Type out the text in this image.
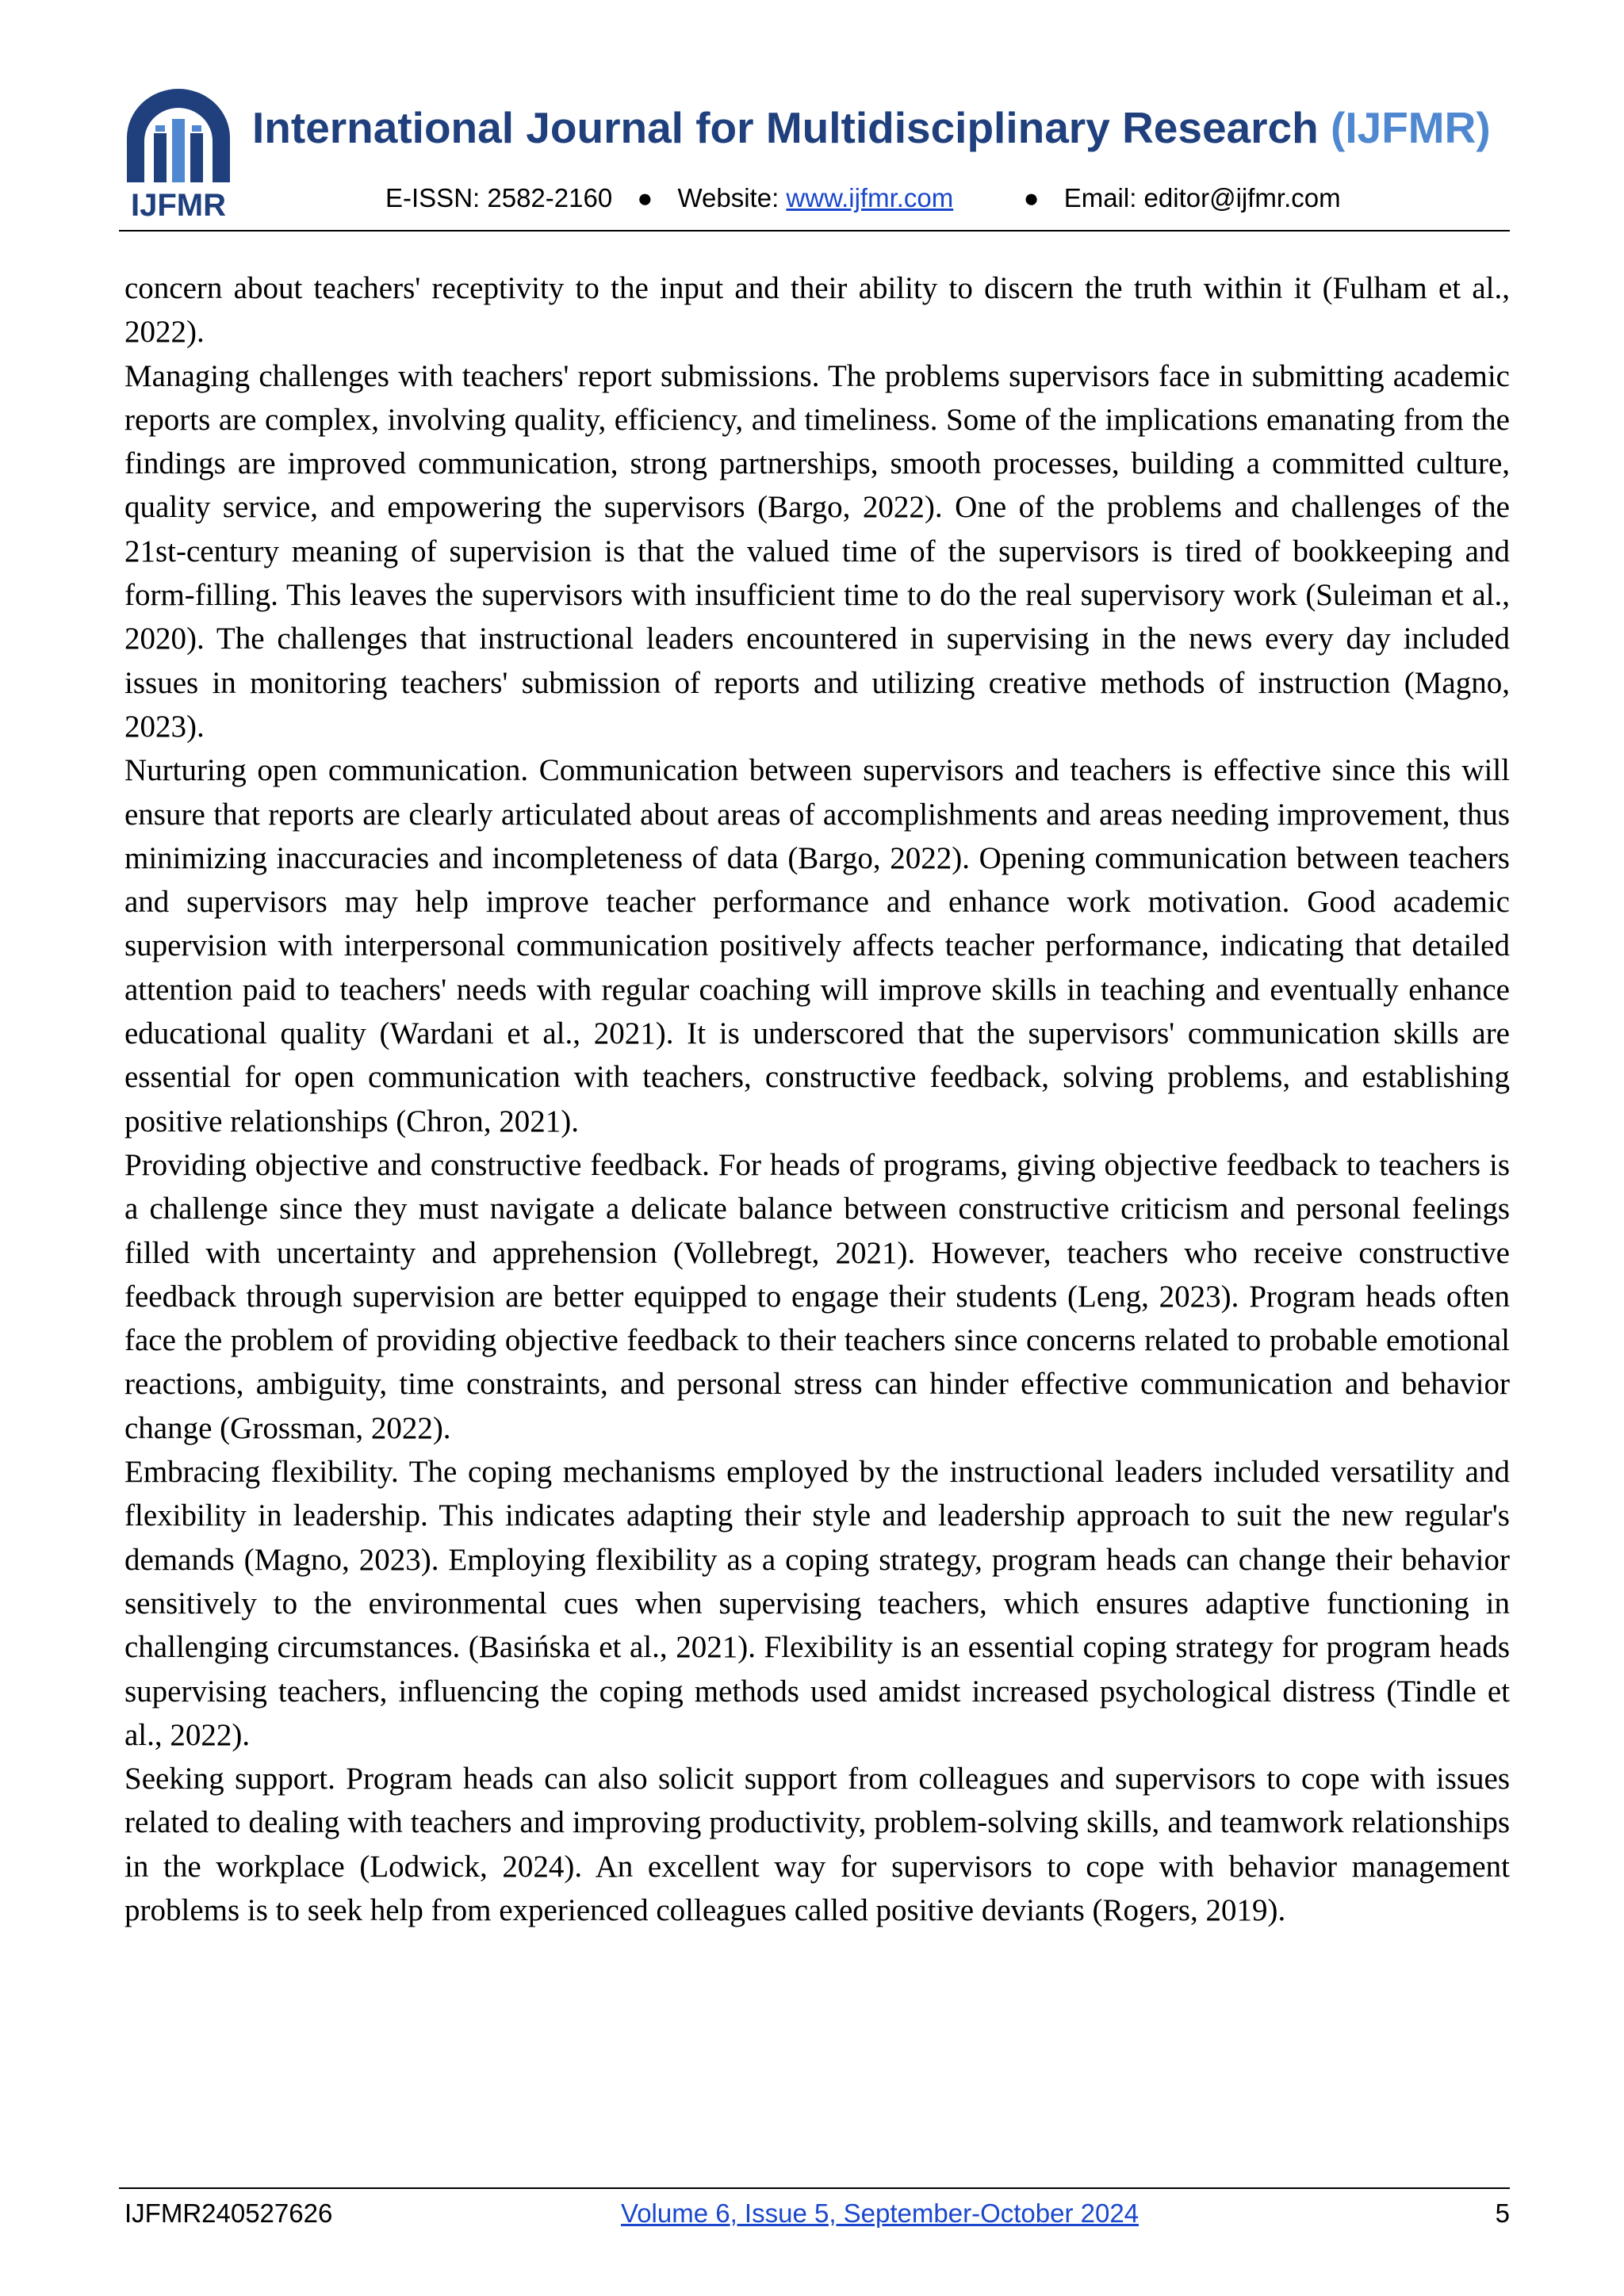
IJFMR
International Journal for Multidisciplinary Research (IJFMR)
E-ISSN: 2582-2160 ● Website: www.ijfmr.com	● Email: editor@ijfmr.com

concern about teachers' receptivity to the input and their ability to discern the truth within it (Fulham et al., 2022).

Managing challenges with teachers' report submissions. The problems supervisors face in submitting academic reports are complex, involving quality, efficiency, and timeliness. Some of the implications emanating from the findings are improved communication, strong partnerships, smooth processes, building a committed culture, quality service, and empowering the supervisors (Bargo, 2022). One of the problems and challenges of the 21st-century meaning of supervision is that the valued time of the supervisors is tired of bookkeeping and form-filling. This leaves the supervisors with insufficient time to do the real supervisory work (Suleiman et al., 2020). The challenges that instructional leaders encountered in supervising in the news every day included issues in monitoring teachers' submission of reports and utilizing creative methods of instruction (Magno, 2023).

Nurturing open communication. Communication between supervisors and teachers is effective since this will ensure that reports are clearly articulated about areas of accomplishments and areas needing improvement, thus minimizing inaccuracies and incompleteness of data (Bargo, 2022). Opening communication between teachers and supervisors may help improve teacher performance and enhance work motivation. Good academic supervision with interpersonal communication positively affects teacher performance, indicating that detailed attention paid to teachers' needs with regular coaching will improve skills in teaching and eventually enhance educational quality (Wardani et al., 2021). It is underscored that the supervisors' communication skills are essential for open communication with teachers, constructive feedback, solving problems, and establishing positive relationships (Chron, 2021).

Providing objective and constructive feedback. For heads of programs, giving objective feedback to teachers is a challenge since they must navigate a delicate balance between constructive criticism and personal feelings filled with uncertainty and apprehension (Vollebregt, 2021). However, teachers who receive constructive feedback through supervision are better equipped to engage their students (Leng, 2023). Program heads often face the problem of providing objective feedback to their teachers since concerns related to probable emotional reactions, ambiguity, time constraints, and personal stress can hinder effective communication and behavior change (Grossman, 2022).

Embracing flexibility. The coping mechanisms employed by the instructional leaders included versatility and flexibility in leadership. This indicates adapting their style and leadership approach to suit the new regular's demands (Magno, 2023). Employing flexibility as a coping strategy, program heads can change their behavior sensitively to the environmental cues when supervising teachers, which ensures adaptive functioning in challenging circumstances. (Basińska et al., 2021). Flexibility is an essential coping strategy for program heads supervising teachers, influencing the coping methods used amidst increased psychological distress (Tindle et al., 2022).

Seeking support. Program heads can also solicit support from colleagues and supervisors to cope with issues related to dealing with teachers and improving productivity, problem-solving skills, and teamwork relationships in the workplace (Lodwick, 2024). An excellent way for supervisors to cope with behavior management problems is to seek help from experienced colleagues called positive deviants (Rogers, 2019).

IJFMR240527626	Volume 6, Issue 5, September-October 2024	5
